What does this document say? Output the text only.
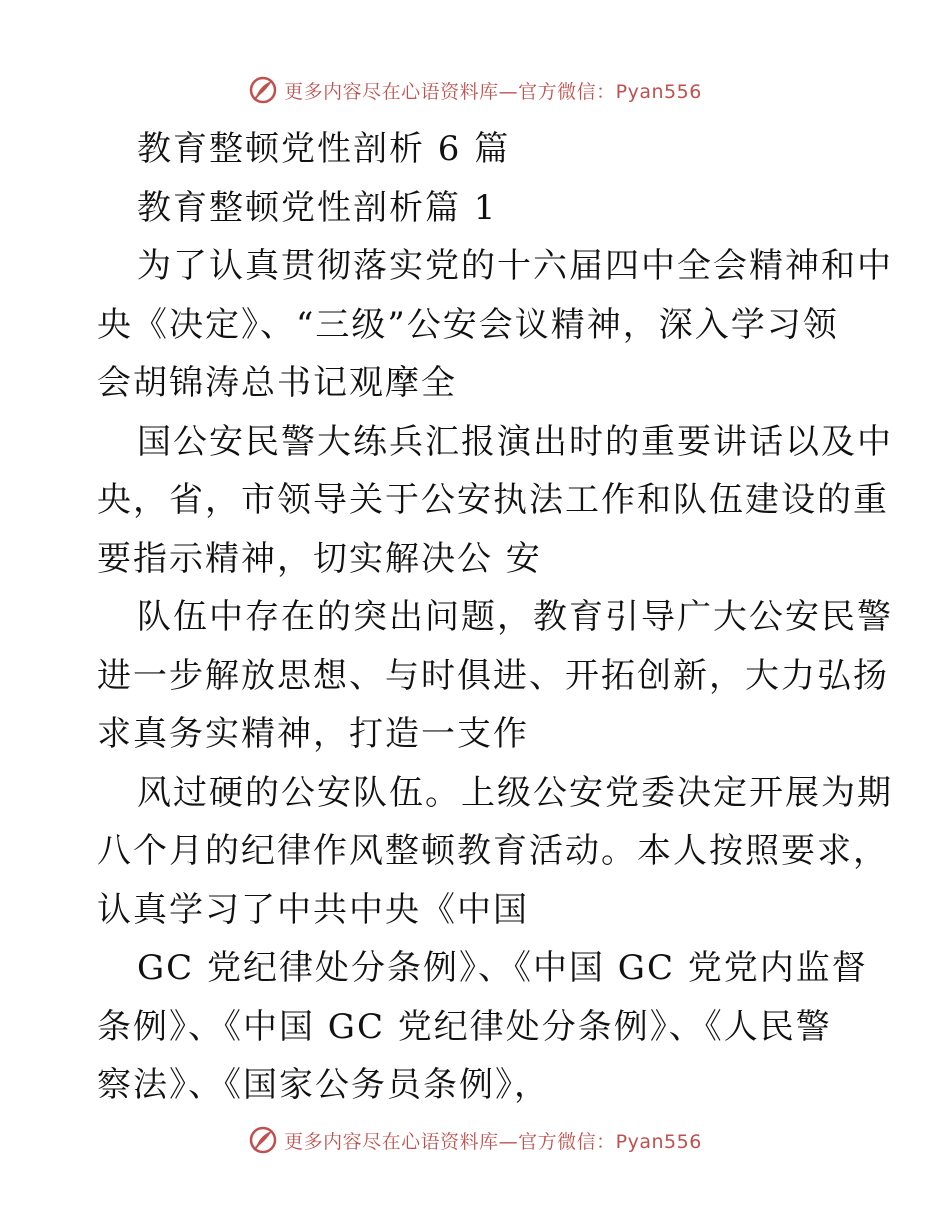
更多内容尽在心语资料库—官方微信：Pyan556
教育整顿党性剖析 6 篇
教育整顿党性剖析篇 1
为了认真贯彻落实党的十六届四中全会精神和中
央《决定》、“三级”公安会议精神，深入学习领
会胡锦涛总书记观摩全
国公安民警大练兵汇报演出时的重要讲话以及中
央，省，市领导关于公安执法工作和队伍建设的重
要指示精神，切实解决公 安
队伍中存在的突出问题，教育引导广大公安民警
进一步解放思想、与时俱进、开拓创新，大力弘扬
求真务实精神，打造一支作
风过硬的公安队伍。上级公安党委决定开展为期
八个月的纪律作风整顿教育活动。本人按照要求，
认真学习了中共中央《中国
GC 党纪律处分条例》、《中国 GC 党党内监督
条例》、《中国 GC 党纪律处分条例》、《人民警
察法》、《国家公务员条例》，
更多内容尽在心语资料库—官方微信：Pyan556
